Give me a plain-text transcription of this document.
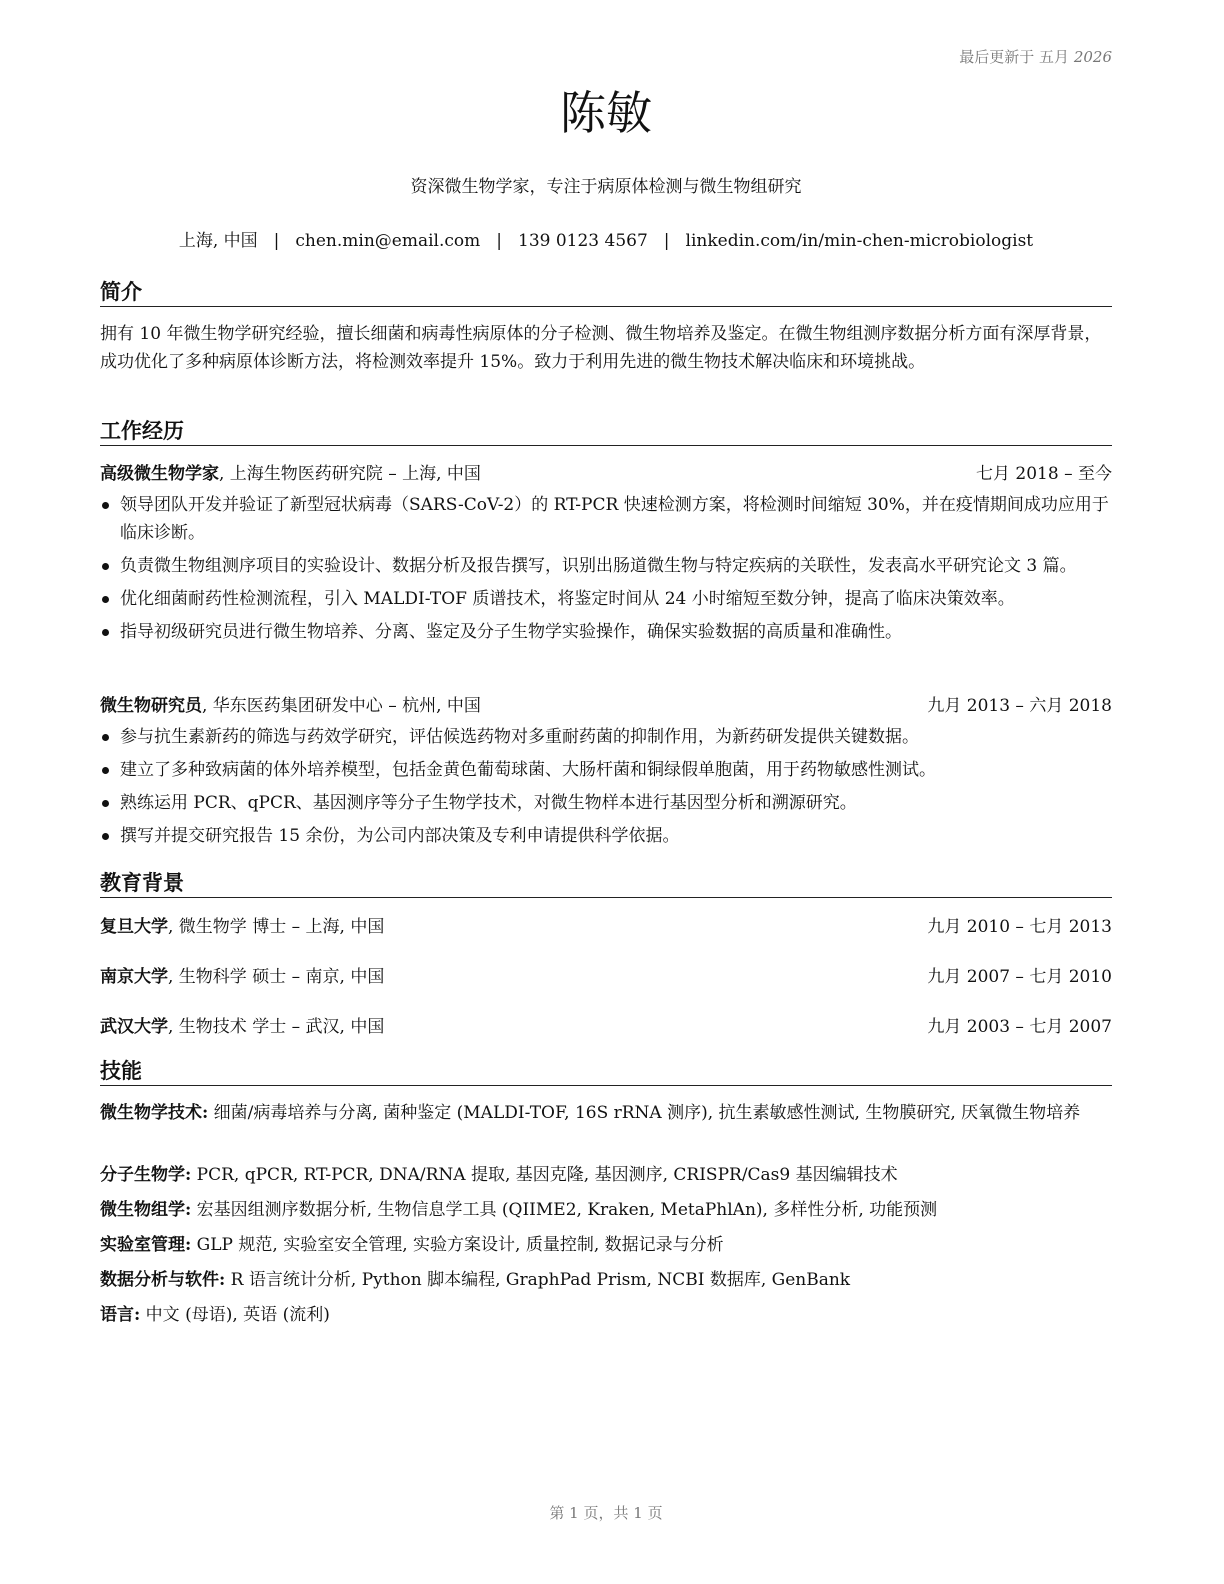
最后更新于 五月 2026
陈敏
资深微生物学家，专注于病原体检测与微生物组研究
上海, 中国 | chen.min@email.com | 139 0123 4567 | linkedin.com/in/min-chen-microbiologist
简介
拥有 10 年微生物学研究经验，擅长细菌和病毒性病原体的分子检测、微生物培养及鉴定。在微生物组测序数据分析方面有深厚背景，成功优化了多种病原体诊断方法，将检测效率提升 15%。致力于利用先进的微生物技术解决临床和环境挑战。
工作经历
高级微生物学家, 上海生物医药研究院 – 上海, 中国	七月 2018 – 至今
领导团队开发并验证了新型冠状病毒（SARS-CoV-2）的 RT-PCR 快速检测方案，将检测时间缩短 30%，并在疫情期间成功应用于临床诊断。
负责微生物组测序项目的实验设计、数据分析及报告撰写，识别出肠道微生物与特定疾病的关联性，发表高水平研究论文 3 篇。
优化细菌耐药性检测流程，引入 MALDI-TOF 质谱技术，将鉴定时间从 24 小时缩短至数分钟，提高了临床决策效率。
指导初级研究员进行微生物培养、分离、鉴定及分子生物学实验操作，确保实验数据的高质量和准确性。
微生物研究员, 华东医药集团研发中心 – 杭州, 中国	九月 2013 – 六月 2018
参与抗生素新药的筛选与药效学研究，评估候选药物对多重耐药菌的抑制作用，为新药研发提供关键数据。
建立了多种致病菌的体外培养模型，包括金黄色葡萄球菌、大肠杆菌和铜绿假单胞菌，用于药物敏感性测试。
熟练运用 PCR、qPCR、基因测序等分子生物学技术，对微生物样本进行基因型分析和溯源研究。
撰写并提交研究报告 15 余份，为公司内部决策及专利申请提供科学依据。
教育背景
复旦大学, 微生物学 博士 – 上海, 中国	九月 2010 – 七月 2013
南京大学, 生物科学 硕士 – 南京, 中国	九月 2007 – 七月 2010
武汉大学, 生物技术 学士 – 武汉, 中国	九月 2003 – 七月 2007
技能
微生物学技术: 细菌/病毒培养与分离, 菌种鉴定 (MALDI-TOF, 16S rRNA 测序), 抗生素敏感性测试, 生物膜研究, 厌氧微生物培养
分子生物学: PCR, qPCR, RT-PCR, DNA/RNA 提取, 基因克隆, 基因测序, CRISPR/Cas9 基因编辑技术
微生物组学: 宏基因组测序数据分析, 生物信息学工具 (QIIME2, Kraken, MetaPhlAn), 多样性分析, 功能预测
实验室管理: GLP 规范, 实验室安全管理, 实验方案设计, 质量控制, 数据记录与分析
数据分析与软件: R 语言统计分析, Python 脚本编程, GraphPad Prism, NCBI 数据库, GenBank
语言: 中文 (母语), 英语 (流利)
第 1 页，共 1 页
